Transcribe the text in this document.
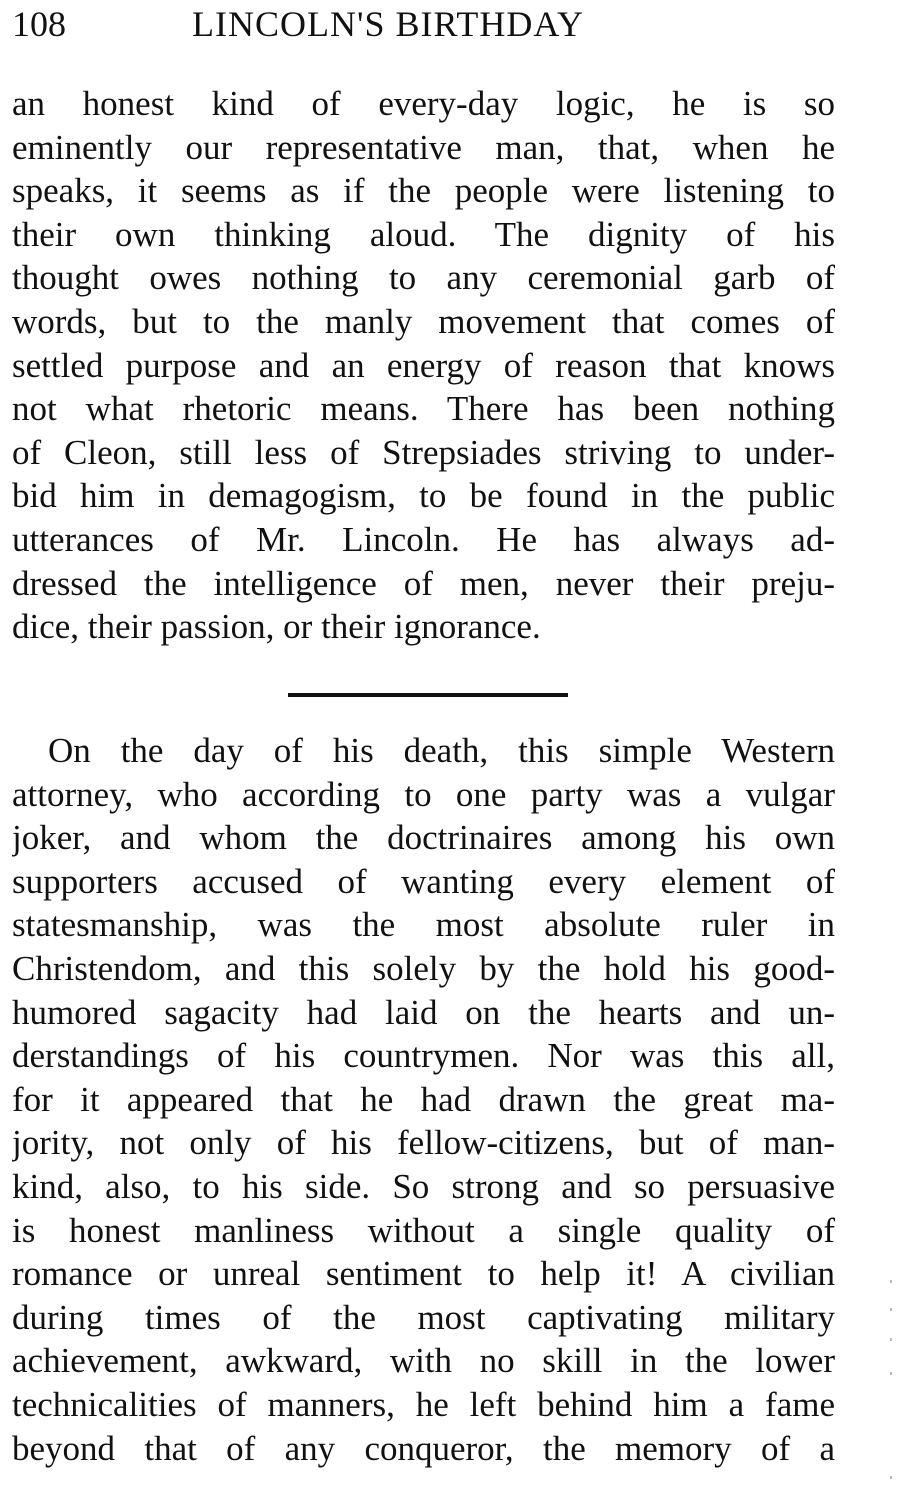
108	LINCOLN'S BIRTHDAY
an honest kind of every-day logic, he is so
eminently our representative man, that, when he
speaks, it seems as if the people were listening to
their own thinking aloud. The dignity of his
thought owes nothing to any ceremonial garb of
words, but to the manly movement that comes of
settled purpose and an energy of reason that knows
not what rhetoric means. There has been nothing
of Cleon, still less of Strepsiades striving to under-
bid him in demagogism, to be found in the public
utterances of Mr. Lincoln. He has always ad-
dressed the intelligence of men, never their preju-
dice, their passion, or their ignorance.
On the day of his death, this simple Western
attorney, who according to one party was a vulgar
joker, and whom the doctrinaires among his own
supporters accused of wanting every element of
statesmanship, was the most absolute ruler in
Christendom, and this solely by the hold his good-
humored sagacity had laid on the hearts and un-
derstandings of his countrymen. Nor was this all,
for it appeared that he had drawn the great ma-
jority, not only of his fellow-citizens, but of man-
kind, also, to his side. So strong and so persuasive
is honest manliness without a single quality of
romance or unreal sentiment to help it! A civilian
during times of the most captivating military
achievement, awkward, with no skill in the lower
technicalities of manners, he left behind him a fame
beyond that of any conqueror, the memory of a
